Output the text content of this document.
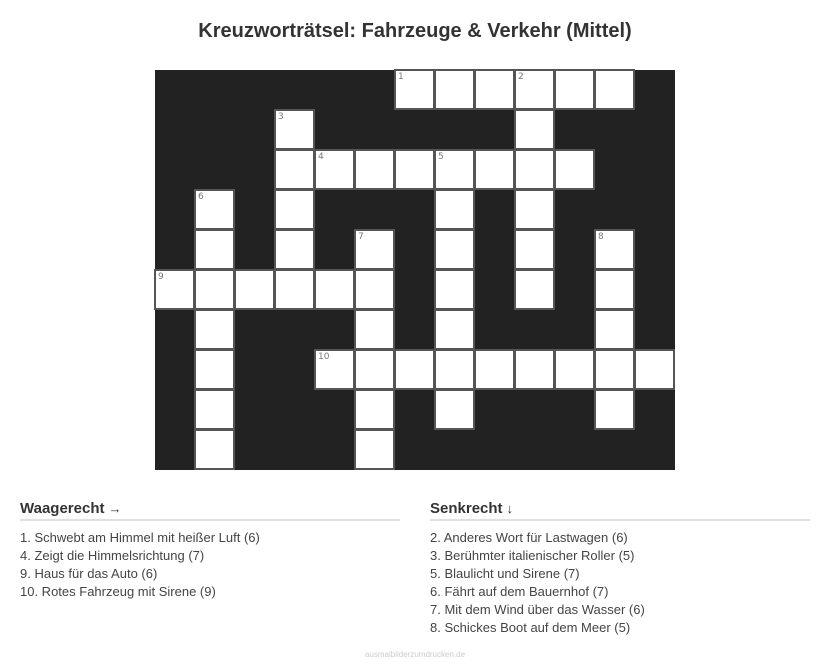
Kreuzworträtsel: Fahrzeuge & Verkehr (Mittel)
1	2
3
4	5
6
7	8
9
10
Waagerecht →
1. Schwebt am Himmel mit heißer Luft (6)
4. Zeigt die Himmelsrichtung (7)
9. Haus für das Auto (6)
10. Rotes Fahrzeug mit Sirene (9)
Senkrecht ↓
2. Anderes Wort für Lastwagen (6)
3. Berühmter italienischer Roller (5)
5. Blaulicht und Sirene (7)
6. Fährt auf dem Bauernhof (7)
7. Mit dem Wind über das Wasser (6)
8. Schickes Boot auf dem Meer (5)
ausmalbilderzumdrucken.de
